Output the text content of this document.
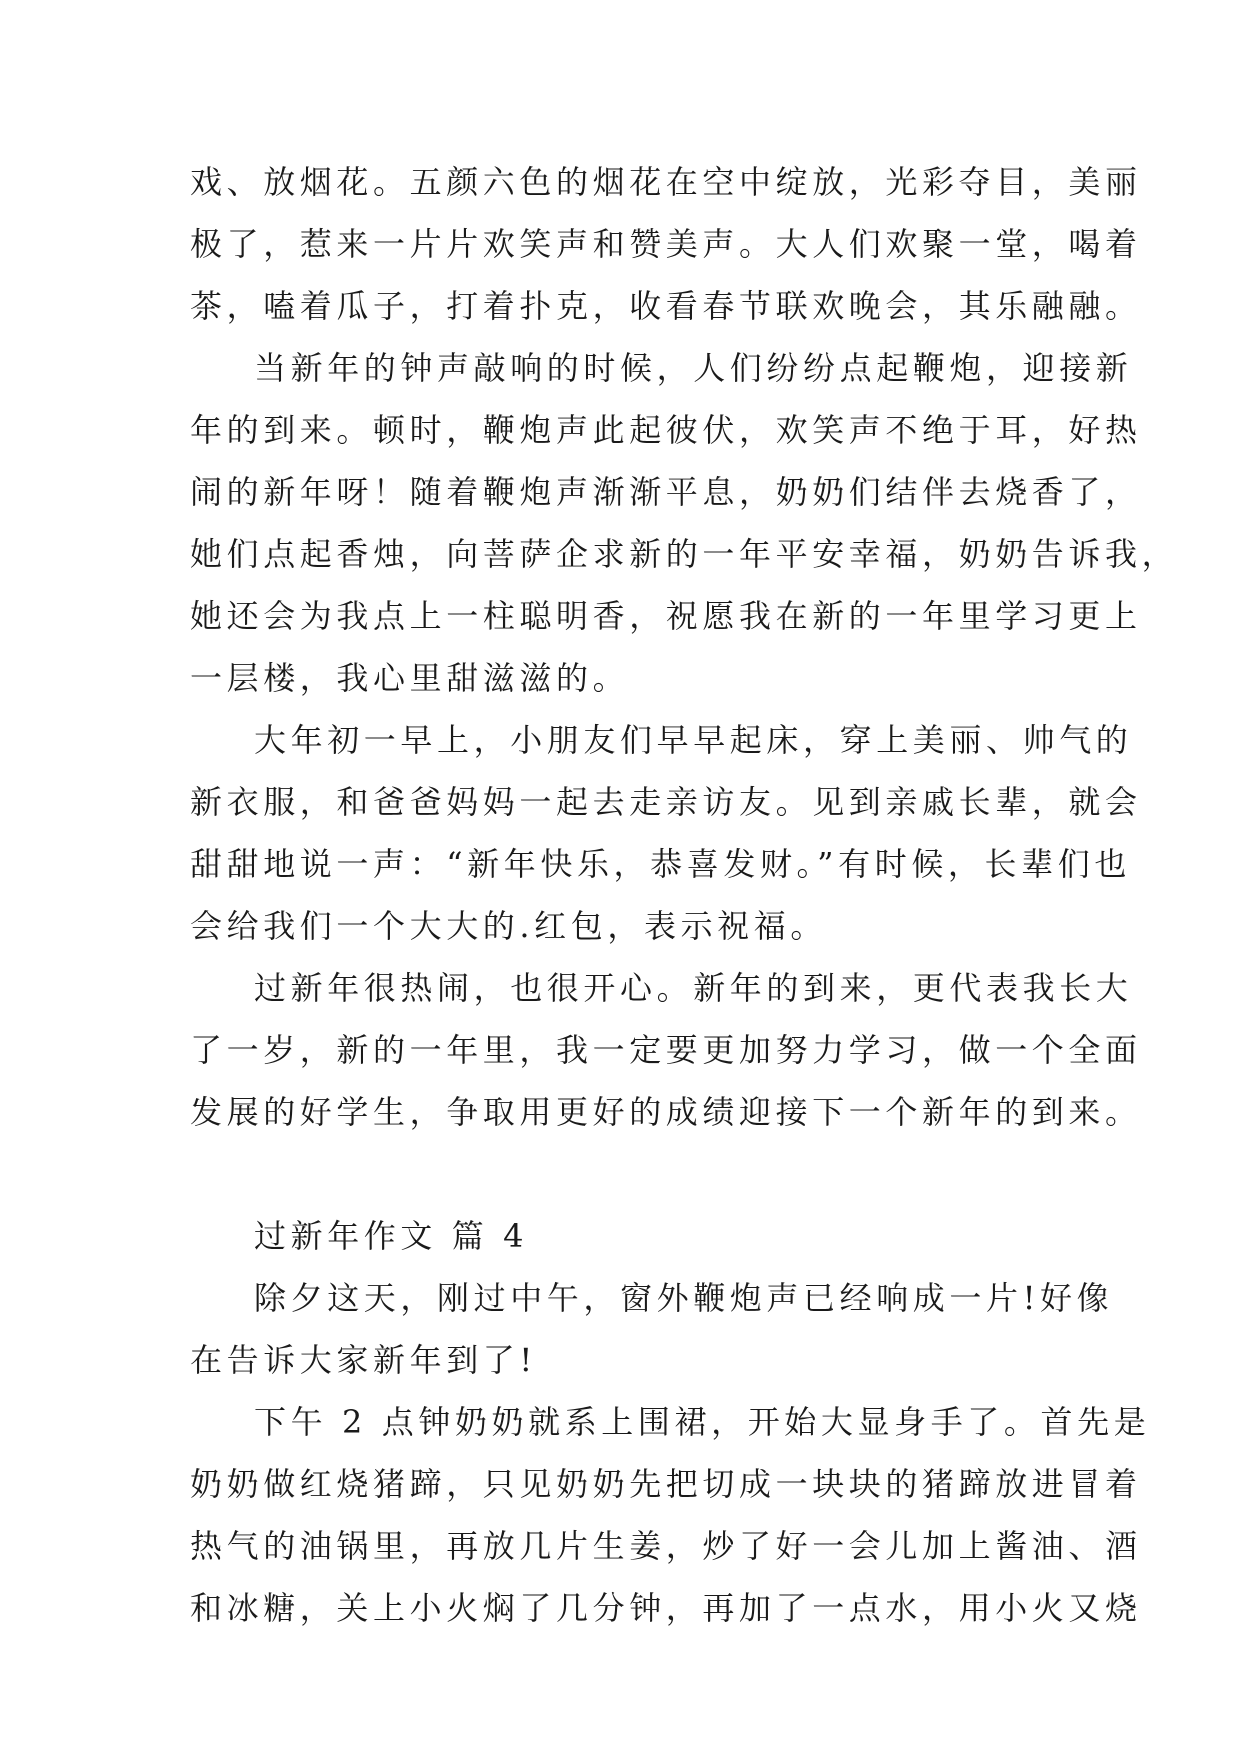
戏、放烟花。五颜六色的烟花在空中绽放，光彩夺目，美丽
极了，惹来一片片欢笑声和赞美声。大人们欢聚一堂，喝着
茶，嗑着瓜子，打着扑克，收看春节联欢晚会，其乐融融。
当新年的钟声敲响的时候，人们纷纷点起鞭炮，迎接新
年的到来。顿时，鞭炮声此起彼伏，欢笑声不绝于耳，好热
闹的新年呀！随着鞭炮声渐渐平息，奶奶们结伴去烧香了，
她们点起香烛，向菩萨企求新的一年平安幸福，奶奶告诉我，
她还会为我点上一柱聪明香，祝愿我在新的一年里学习更上
一层楼，我心里甜滋滋的。
大年初一早上，小朋友们早早起床，穿上美丽、帅气的
新衣服，和爸爸妈妈一起去走亲访友。见到亲戚长辈，就会
甜甜地说一声：“新年快乐，恭喜发财。”有时候，长辈们也
会给我们一个大大的.红包，表示祝福。
过新年很热闹，也很开心。新年的到来，更代表我长大
了一岁，新的一年里，我一定要更加努力学习，做一个全面
发展的好学生，争取用更好的成绩迎接下一个新年的到来。
过新年作文 篇 4
除夕这天，刚过中午，窗外鞭炮声已经响成一片!好像
在告诉大家新年到了!
下午 2 点钟奶奶就系上围裙，开始大显身手了。首先是
奶奶做红烧猪蹄，只见奶奶先把切成一块块的猪蹄放进冒着
热气的油锅里，再放几片生姜，炒了好一会儿加上酱油、酒
和冰糖，关上小火焖了几分钟，再加了一点水，用小火又烧
